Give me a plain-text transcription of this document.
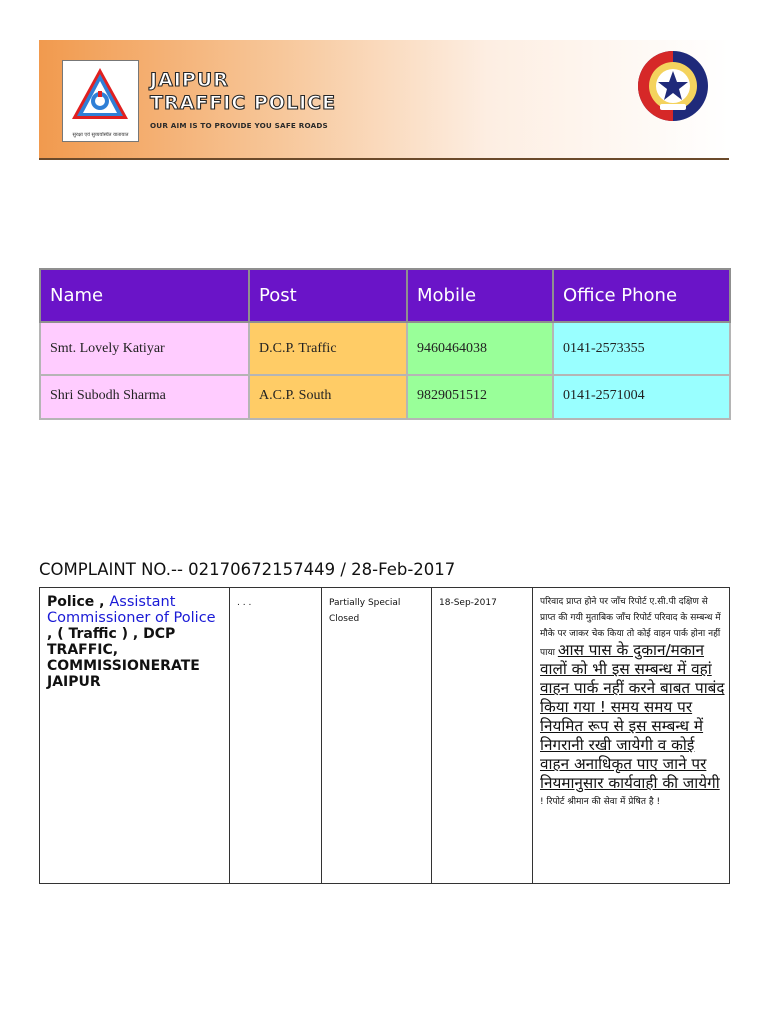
सुरक्षा एवं सुव्यवस्थित यातायात
JAIPUR
TRAFFIC POLICE
OUR AIM IS TO PROVIDE YOU SAFE ROADS
Name	Post	Mobile	Office Phone
Smt. Lovely Katiyar	D.C.P. Traffic	9460464038	0141-2573355
Shri Subodh Sharma	A.C.P. South	9829051512	0141-2571004
COMPLAINT NO.-- 02170672157449 / 28-Feb-2017
Police , Assistant Commissioner of Police , ( Traffic ) , DCP TRAFFIC, COMMISSIONERATE JAIPUR	. . .	Partially Special Closed	18-Sep-2017	परिवाद प्राप्त होने पर जाँच रिपोर्ट ए.सी.पी दक्षिण से प्राप्त की गयी मुताबिक जाँच रिपोर्ट परिवाद के सम्बन्ध में मौके पर जाकर चेक किया तो कोई वाहन पार्क होना नहीं पाया आस पास के दुकान/मकान वालों को भी इस सम्बन्ध में वहां वाहन पार्क नहीं करने बाबत पाबंद किया गया ! समय समय पर नियमित रूप से इस सम्बन्ध में निगरानी रखी जायेगी व कोई वाहन अनाधिकृत पाए जाने पर नियमानुसार कार्यवाही की जायेगी ! रिपोर्ट श्रीमान की सेवा में प्रेषित है !
